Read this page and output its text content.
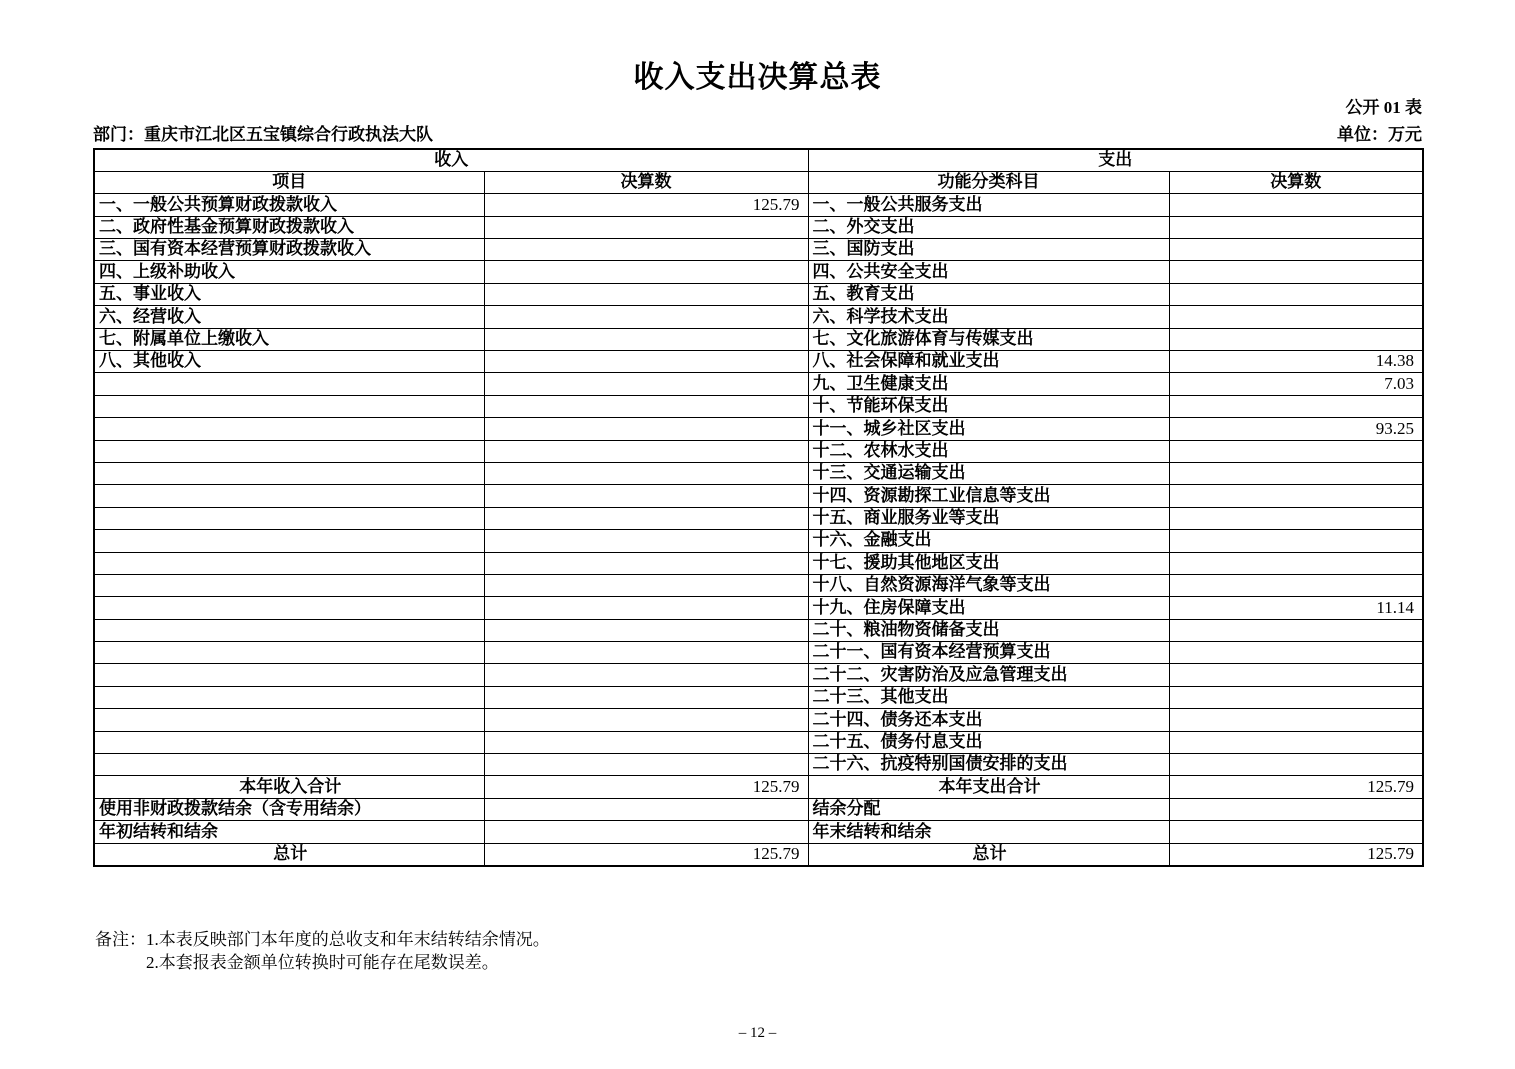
收入支出决算总表
公开 01 表
部门：重庆市江北区五宝镇综合行政执法大队	单位：万元
收入		支出	
项目	决算数	功能分类科目	决算数
一、一般公共预算财政拨款收入	125.79	一、一般公共服务支出	
二、政府性基金预算财政拨款收入		二、外交支出	
三、国有资本经营预算财政拨款收入		三、国防支出	
四、上级补助收入		四、公共安全支出	
五、事业收入		五、教育支出	
六、经营收入		六、科学技术支出	
七、附属单位上缴收入		七、文化旅游体育与传媒支出	
八、其他收入		八、社会保障和就业支出	14.38
		九、卫生健康支出	7.03
		十、节能环保支出	
		十一、城乡社区支出	93.25
		十二、农林水支出	
		十三、交通运输支出	
		十四、资源勘探工业信息等支出	
		十五、商业服务业等支出	
		十六、金融支出	
		十七、援助其他地区支出	
		十八、自然资源海洋气象等支出	
		十九、住房保障支出	11.14
		二十、粮油物资储备支出	
		二十一、国有资本经营预算支出	
		二十二、灾害防治及应急管理支出	
		二十三、其他支出	
		二十四、债务还本支出	
		二十五、债务付息支出	
		二十六、抗疫特别国债安排的支出	
本年收入合计	125.79	本年支出合计	125.79
使用非财政拨款结余（含专用结余）		结余分配	
年初结转和结余		年末结转和结余	
总计	125.79	总计	125.79
备注：1.本表反映部门本年度的总收支和年末结转结余情况。
2.本套报表金额单位转换时可能存在尾数误差。
– 12 –
